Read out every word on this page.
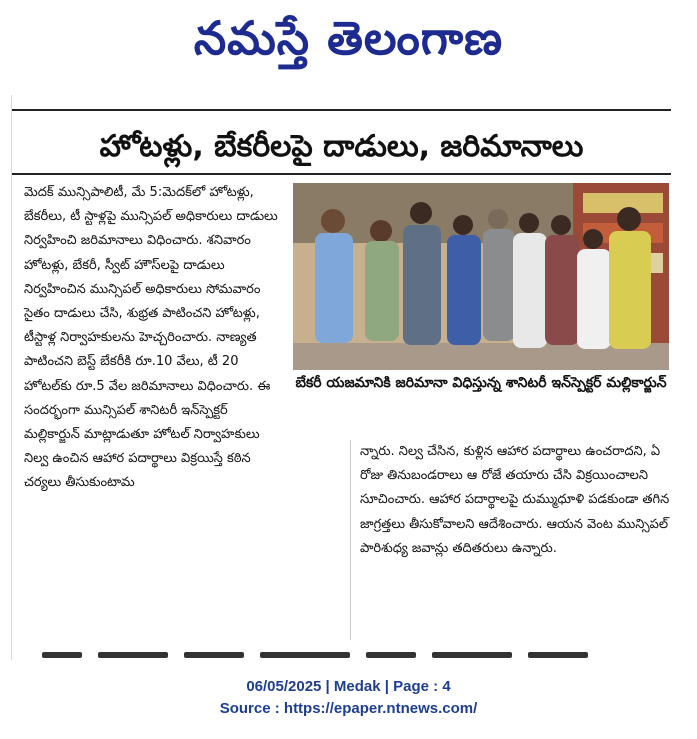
నమస్తే తెలంగాణ
హోటళ్లు, బేకరీలపై దాడులు, జరిమానాలు

మెదక్ మున్సిపాలిటీ, మే 5:మెదక్‌లో హోటళ్లు, బేకరీలు, టీ స్టాళ్లపై మున్సిపల్ అధికారులు దాడులు నిర్వహించి జరిమానాలు విధించారు. శనివారం హోటళ్లు, బేకరీ, స్వీట్ హౌస్‌లపై దాడులు నిర్వహించిన మున్సిపల్ అధికారులు సోమవారం సైతం దాడులు చేసి, శుభ్రత పాటించని హోటళ్లు, టీస్టాళ్ల నిర్వాహకులను హెచ్చరించారు. నాణ్యత పాటించని బెస్ట్ బేకరీకి రూ.10 వేలు, టీ 20 హోటల్‌కు రూ.5 వేల జరిమానాలు విధించారు. ఈ సందర్భంగా మున్సిపల్ శానిటరీ ఇన్‌స్పెక్టర్ మల్లికార్జున్ మాట్లాడుతూ హోటల్ నిర్వాహకులు నిల్వ ఉంచిన ఆహార పదార్థాలు విక్రయిస్తే కఠిన చర్యలు తీసుకుంటామ

బేకరీ యజమానికి జరిమానా విధిస్తున్న శానిటరీ ఇన్‌స్పెక్టర్ మల్లికార్జున్

న్నారు. నిల్వ చేసిన, కుళ్లిన ఆహార పదార్థాలు ఉంచరాదని, ఏ రోజు తినుబండరాలు ఆ రోజే తయారు చేసి విక్రయించాలని సూచించారు. ఆహార పదార్థాలపై దుమ్ముధూళి పడకుండా తగిన జాగ్రత్తలు తీసుకోవాలని ఆదేశించారు. ఆయన వెంట మున్సిపల్ పారిశుధ్య జవాన్లు తదితరులు ఉన్నారు.

06/05/2025 | Medak | Page : 4
Source : https://epaper.ntnews.com/
